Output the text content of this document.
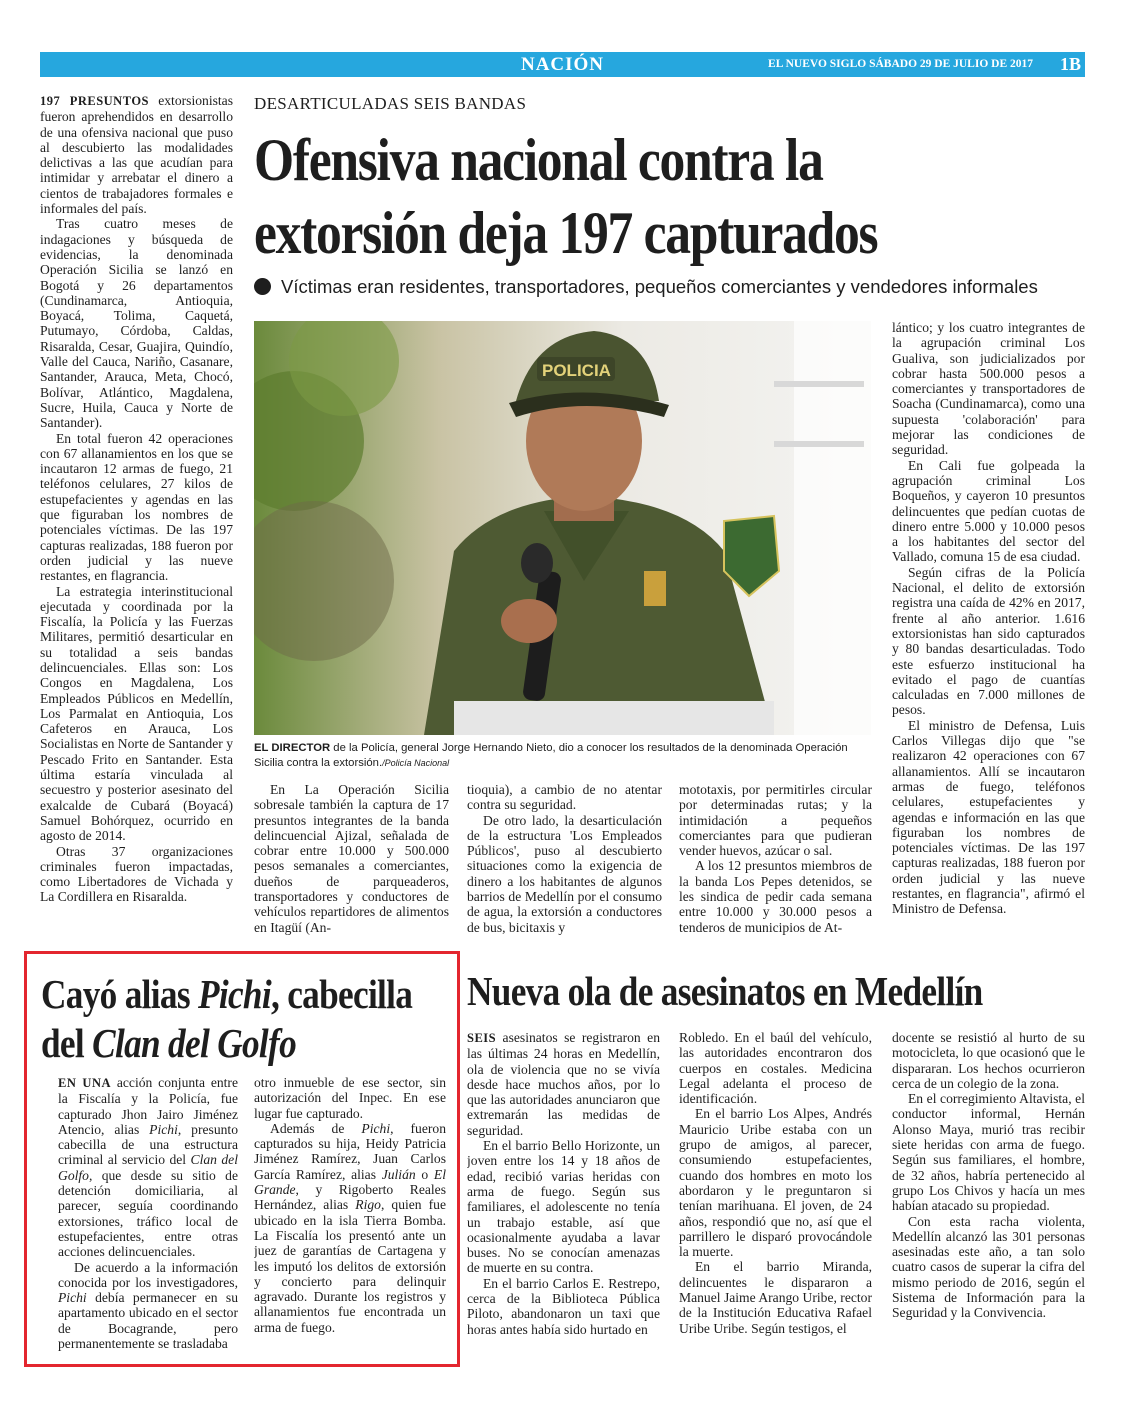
NACIÓN	EL NUEVO SIGLO SÁBADO 29 DE JULIO DE 2017 1B

197 PRESUNTOS extorsionistas fueron aprehendidos en desarrollo de una ofensiva nacional que puso al descubierto las modalidades delictivas a las que acudían para intimidar y arrebatar el dinero a cientos de trabajadores formales e informales del país.

Tras cuatro meses de indagaciones y búsqueda de evidencias, la denominada Operación Sicilia se lanzó en Bogotá y 26 departamentos (Cundinamarca, Antioquia, Boyacá, Tolima, Caquetá, Putumayo, Córdoba, Caldas, Risaralda, Cesar, Guajira, Quindío, Valle del Cauca, Nariño, Casanare, Santander, Arauca, Meta, Chocó, Bolívar, Atlántico, Magdalena, Sucre, Huila, Cauca y Norte de Santander).

En total fueron 42 operaciones con 67 allanamientos en los que se incautaron 12 armas de fuego, 21 teléfonos celulares, 27 kilos de estupefacientes y agendas en las que figuraban los nombres de potenciales víctimas. De las 197 capturas realizadas, 188 fueron por orden judicial y las nueve restantes, en flagrancia.

La estrategia interinstitucional ejecutada y coordinada por la Fiscalía, la Policía y las Fuerzas Militares, permitió desarticular en su totalidad a seis bandas delincuenciales. Ellas son: Los Congos en Magdalena, Los Empleados Públicos en Medellín, Los Parmalat en Antioquia, Los Cafeteros en Arauca, Los Socialistas en Norte de Santander y Pescado Frito en Santander. Esta última estaría vinculada al secuestro y posterior asesinato del exalcalde de Cubará (Boyacá) Samuel Bohórquez, ocurrido en agosto de 2014.

Otras 37 organizaciones criminales fueron impactadas, como Libertadores de Vichada y La Cordillera en Risaralda.

DESARTICULADAS SEIS BANDAS
Ofensiva nacional contra la
extorsión deja 197 capturados
Víctimas eran residentes, transportadores, pequeños comerciantes y vendedores informales
POLICIA
EL DIRECTOR de la Policía, general Jorge Hernando Nieto, dio a conocer los resultados de la denominada Operación Sicilia contra la extorsión./Policía Nacional

lántico; y los cuatro integrantes de la agrupación criminal Los Gualiva, son judicializados por cobrar hasta 500.000 pesos a comerciantes y transportadores de Soacha (Cundinamarca), como una supuesta 'colaboración' para mejorar las condiciones de seguridad.

En Cali fue golpeada la agrupación criminal Los Boqueños, y cayeron 10 presuntos delincuentes que pedían cuotas de dinero entre 5.000 y 10.000 pesos a los habitantes del sector del Vallado, comuna 15 de esa ciudad.

Según cifras de la Policía Nacional, el delito de extorsión registra una caída de 42% en 2017, frente al año anterior. 1.616 extorsionistas han sido capturados y 80 bandas desarticuladas. Todo este esfuerzo institucional ha evitado el pago de cuantías calculadas en 7.000 millones de pesos.

El ministro de Defensa, Luis Carlos Villegas dijo que "se realizaron 42 operaciones con 67 allanamientos. Allí se incautaron armas de fuego, teléfonos celulares, estupefacientes y agendas e información en las que figuraban los nombres de potenciales víctimas. De las 197 capturas realizadas, 188 fueron por orden judicial y las nueve restantes, en flagrancia", afirmó el Ministro de Defensa.

En La Operación Sicilia sobresale también la captura de 17 presuntos integrantes de la banda delincuencial Ajizal, señalada de cobrar entre 10.000 y 500.000 pesos semanales a comerciantes, dueños de parqueaderos, transportadores y conductores de vehículos repartidores de alimentos en Itagüí (An-

tioquia), a cambio de no atentar contra su seguridad.

De otro lado, la desarticulación de la estructura 'Los Empleados Públicos', puso al descubierto situaciones como la exigencia de dinero a los habitantes de algunos barrios de Medellín por el consumo de agua, la extorsión a conductores de bus, bicitaxis y

mototaxis, por permitirles circular por determinadas rutas; y la intimidación a pequeños comerciantes para que pudieran vender huevos, azúcar o sal.

A los 12 presuntos miembros de la banda Los Pepes detenidos, se les sindica de pedir cada semana entre 10.000 y 30.000 pesos a tenderos de municipios de At-

Cayó alias Pichi, cabecilla
del Clan del Golfo

EN UNA acción conjunta entre la Fiscalía y la Policía, fue capturado Jhon Jairo Jiménez Atencio, alias Pichi, presunto cabecilla de una estructura criminal al servicio del Clan del Golfo, que desde su sitio de detención domiciliaria, al parecer, seguía coordinando extorsiones, tráfico local de estupefacientes, entre otras acciones delincuenciales.

De acuerdo a la información conocida por los investigadores, Pichi debía permanecer en su apartamento ubicado en el sector de Bocagrande, pero permanentemente se trasladaba

otro inmueble de ese sector, sin autorización del Inpec. En ese lugar fue capturado.

Además de Pichi, fueron capturados su hija, Heidy Patricia Jiménez Ramírez, Juan Carlos García Ramírez, alias Julián o El Grande, y Rigoberto Reales Hernández, alias Rigo, quien fue ubicado en la isla Tierra Bomba. La Fiscalía los presentó ante un juez de garantías de Cartagena y les imputó los delitos de extorsión y concierto para delinquir agravado. Durante los registros y allanamientos fue encontrada un arma de fuego.

Nueva ola de asesinatos en Medellín

SEIS asesinatos se registraron en las últimas 24 horas en Medellín, ola de violencia que no se vivía desde hace muchos años, por lo que las autoridades anunciaron que extremarán las medidas de seguridad.

En el barrio Bello Horizonte, un joven entre los 14 y 18 años de edad, recibió varias heridas con arma de fuego. Según sus familiares, el adolescente no tenía un trabajo estable, así que ocasionalmente ayudaba a lavar buses. No se conocían amenazas de muerte en su contra.

En el barrio Carlos E. Restrepo, cerca de la Biblioteca Pública Piloto, abandonaron un taxi que horas antes había sido hurtado en

Robledo. En el baúl del vehículo, las autoridades encontraron dos cuerpos en costales. Medicina Legal adelanta el proceso de identificación.

En el barrio Los Alpes, Andrés Mauricio Uribe estaba con un grupo de amigos, al parecer, consumiendo estupefacientes, cuando dos hombres en moto los abordaron y le preguntaron si tenían marihuana. El joven, de 24 años, respondió que no, así que el parrillero le disparó provocándole la muerte.

En el barrio Miranda, delincuentes le dispararon a Manuel Jaime Arango Uribe, rector de la Institución Educativa Rafael Uribe Uribe. Según testigos, el

docente se resistió al hurto de su motocicleta, lo que ocasionó que le dispararan. Los hechos ocurrieron cerca de un colegio de la zona.

En el corregimiento Altavista, el conductor informal, Hernán Alonso Maya, murió tras recibir siete heridas con arma de fuego. Según sus familiares, el hombre, de 32 años, habría pertenecido al grupo Los Chivos y hacía un mes habían atacado su propiedad.

Con esta racha violenta, Medellín alcanzó las 301 personas asesinadas este año, a tan solo cuatro casos de superar la cifra del mismo periodo de 2016, según el Sistema de Información para la Seguridad y la Convivencia.
